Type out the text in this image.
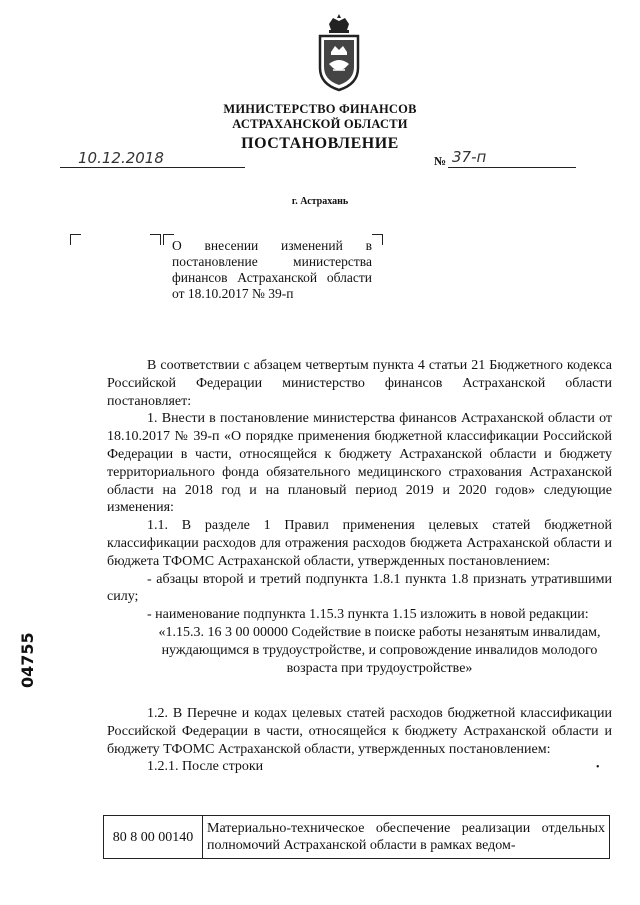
МИНИСТЕРСТВО ФИНАНСОВ
АСТРАХАНСКОЙ ОБЛАСТИ
ПОСТАНОВЛЕНИЕ
10.12.2018	№ 37-п
г. Астрахань
О внесении изменений в постановление министерства финансов Астраханской области от 18.10.2017 № 39-п

В соответствии с абзацем четвертым пункта 4 статьи 21 Бюджетного кодекса Российской Федерации министерство финансов Астраханской области постановляет:

1. Внести в постановление министерства финансов Астраханской области от 18.10.2017 № 39-п «О порядке применения бюджетной классификации Российской Федерации в части, относящейся к бюджету Астраханской области и бюджету территориального фонда обязательного медицинского страхования Астраханской области на 2018 год и на плановый период 2019 и 2020 годов» следующие изменения:

1.1. В разделе 1 Правил применения целевых статей бюджетной классификации расходов для отражения расходов бюджета Астраханской области и бюджета ТФОМС Астраханской области, утвержденных постановлением:

- абзацы второй и третий подпункта 1.8.1 пункта 1.8 признать утратившими силу;

- наименование подпункта 1.15.3 пункта 1.15 изложить в новой редакции:

«1.15.3. 16 3 00 00000 Содействие в поиске работы незанятым инвалидам, нуждающимся в трудоустройстве, и сопровождение инвалидов молодого возраста при трудоустройстве»

1.2. В Перечне и кодах целевых статей расходов бюджетной классификации Российской Федерации в части, относящейся к бюджету Астраханской области и бюджету ТФОМС Астраханской области, утвержденных постановлением:

1.2.1. После строки	•
80 8 00 00140	Материально-техническое обеспечение реализации отдельных полномочий Астраханской области в рамках ведом-
04755
